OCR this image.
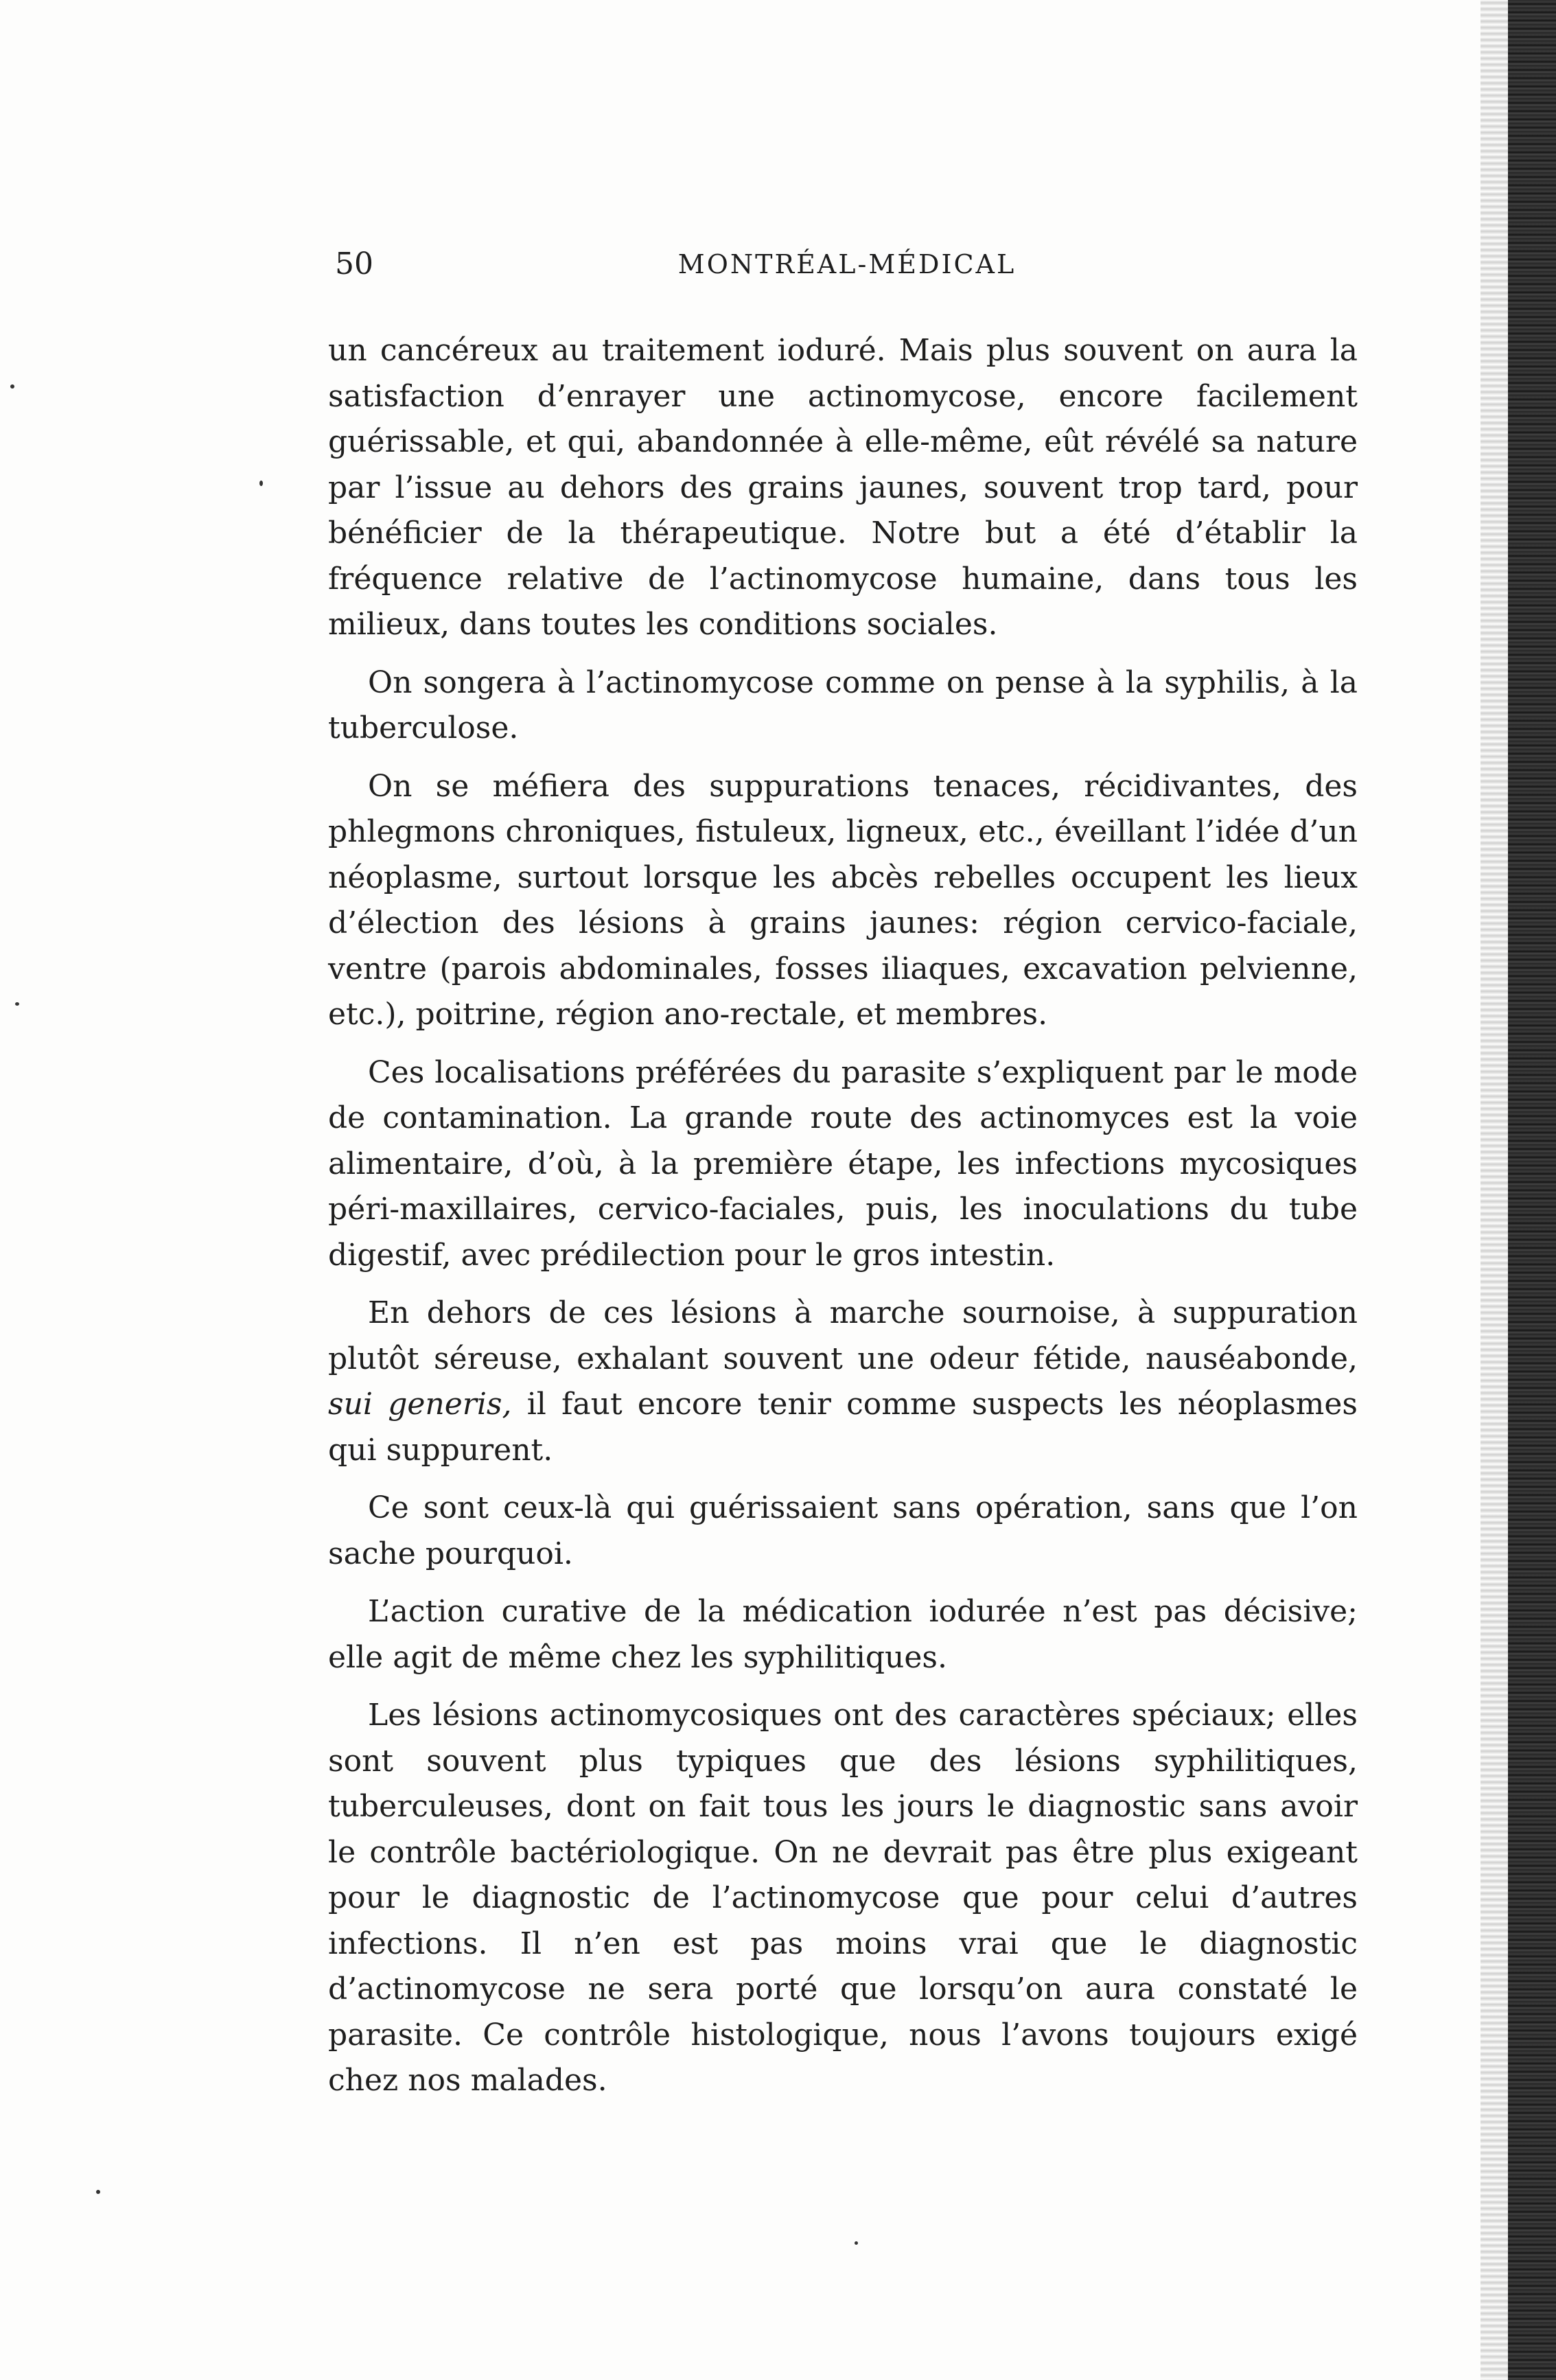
50	MONTRÉAL-MÉDICAL

un cancéreux au traitement ioduré. Mais plus souvent on aura la satisfaction d’enrayer une actinomycose, encore facilement guérissable, et qui, abandonnée à elle-même, eût révélé sa nature par l’issue au dehors des grains jaunes, souvent trop tard, pour bénéficier de la thérapeutique. Notre but a été d’établir la fréquence relative de l’actinomycose humaine, dans tous les milieux, dans toutes les conditions sociales.

On songera à l’actinomycose comme on pense à la syphilis, à la tuberculose.

On se méfiera des suppurations tenaces, récidivantes, des phlegmons chroniques, fistuleux, ligneux, etc., éveillant l’idée d’un néoplasme, surtout lorsque les abcès rebelles occupent les lieux d’élection des lésions à grains jaunes: région cervico-faciale, ventre (parois abdominales, fosses iliaques, excavation pelvienne, etc.), poitrine, région ano-rectale, et membres.

Ces localisations préférées du parasite s’expliquent par le mode de contamination. La grande route des actinomyces est la voie alimentaire, d’où, à la première étape, les infections mycosiques péri-maxillaires, cervico-faciales, puis, les inoculations du tube digestif, avec prédilection pour le gros intestin.

En dehors de ces lésions à marche sournoise, à suppuration plutôt séreuse, exhalant souvent une odeur fétide, nauséabonde, sui generis, il faut encore tenir comme suspects les néoplasmes qui suppurent.

Ce sont ceux-là qui guérissaient sans opération, sans que l’on sache pourquoi.

L’action curative de la médication iodurée n’est pas décisive; elle agit de même chez les syphilitiques.

Les lésions actinomycosiques ont des caractères spéciaux; elles sont souvent plus typiques que des lésions syphilitiques, tuberculeuses, dont on fait tous les jours le diagnostic sans avoir le contrôle bactériologique. On ne devrait pas être plus exigeant pour le diagnostic de l’actinomycose que pour celui d’autres infections. Il n’en est pas moins vrai que le diagnostic d’actinomycose ne sera porté que lorsqu’on aura constaté le parasite. Ce contrôle histologique, nous l’avons toujours exigé chez nos malades.
